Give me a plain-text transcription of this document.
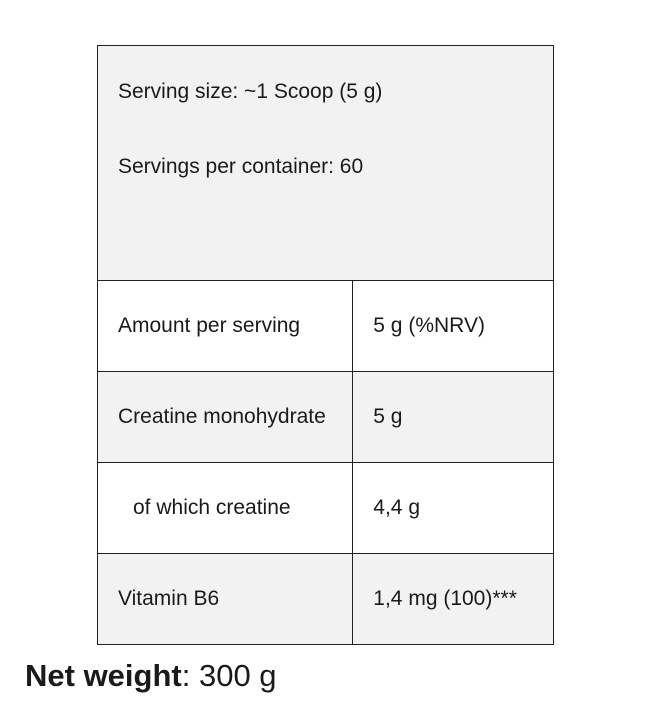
Serving size: ~1 Scoop (5 g)
Servings per container: 60	

Amount per serving	5 g (%NRV)
Creatine monohydrate	5 g
of which creatine	4,4 g
Vitamin B6	1,4 mg (100)***
Net weight: 300 g
